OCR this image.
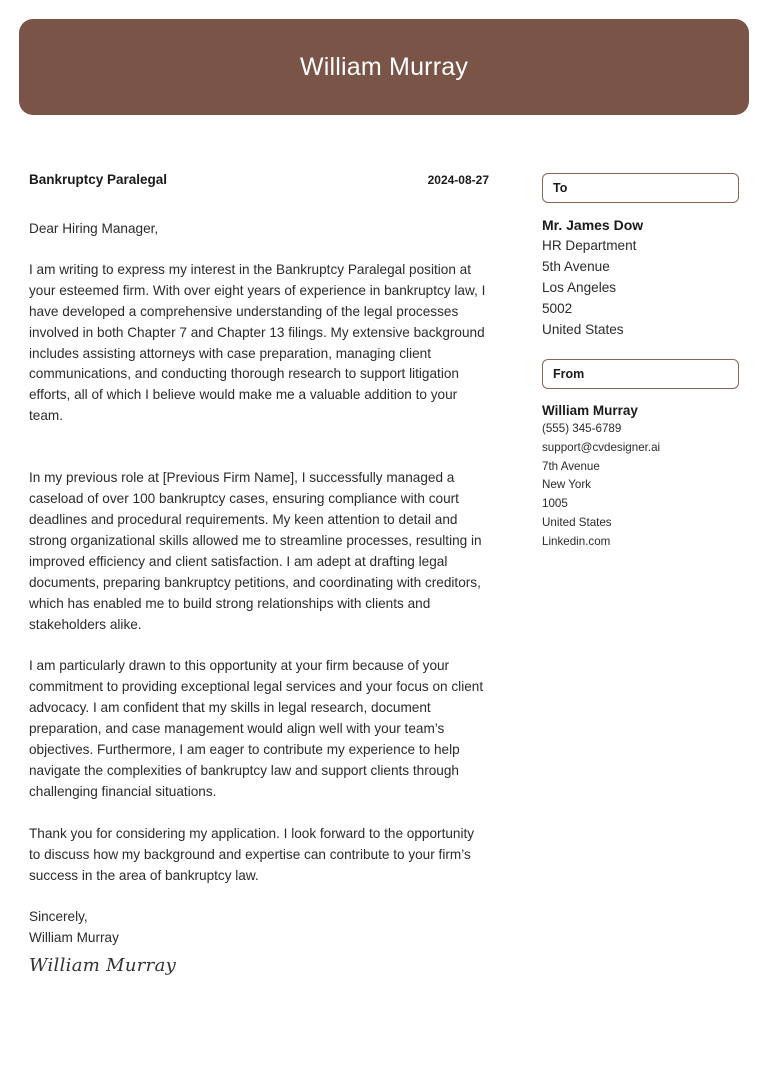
William Murray
Bankruptcy Paralegal	2024-08-27

Dear Hiring Manager,

I am writing to express my interest in the Bankruptcy Paralegal position at your esteemed firm. With over eight years of experience in bankruptcy law, I have developed a comprehensive understanding of the legal processes involved in both Chapter 7 and Chapter 13 filings. My extensive background includes assisting attorneys with case preparation, managing client communications, and conducting thorough research to support litigation efforts, all of which I believe would make me a valuable addition to your team.

In my previous role at [Previous Firm Name], I successfully managed a caseload of over 100 bankruptcy cases, ensuring compliance with court deadlines and procedural requirements. My keen attention to detail and strong organizational skills allowed me to streamline processes, resulting in improved efficiency and client satisfaction. I am adept at drafting legal documents, preparing bankruptcy petitions, and coordinating with creditors, which has enabled me to build strong relationships with clients and stakeholders alike.

I am particularly drawn to this opportunity at your firm because of your commitment to providing exceptional legal services and your focus on client advocacy. I am confident that my skills in legal research, document preparation, and case management would align well with your team’s objectives. Furthermore, I am eager to contribute my experience to help navigate the complexities of bankruptcy law and support clients through challenging financial situations.

Thank you for considering my application. I look forward to the opportunity to discuss how my background and expertise can contribute to your firm’s success in the area of bankruptcy law.

Sincerely,

William Murray

William Murray

To
Mr. James Dow
HR Department
5th Avenue
Los Angeles
5002
United States
From
William Murray
(555) 345-6789
support@cvdesigner.ai
7th Avenue
New York
1005
United States
Linkedin.com
